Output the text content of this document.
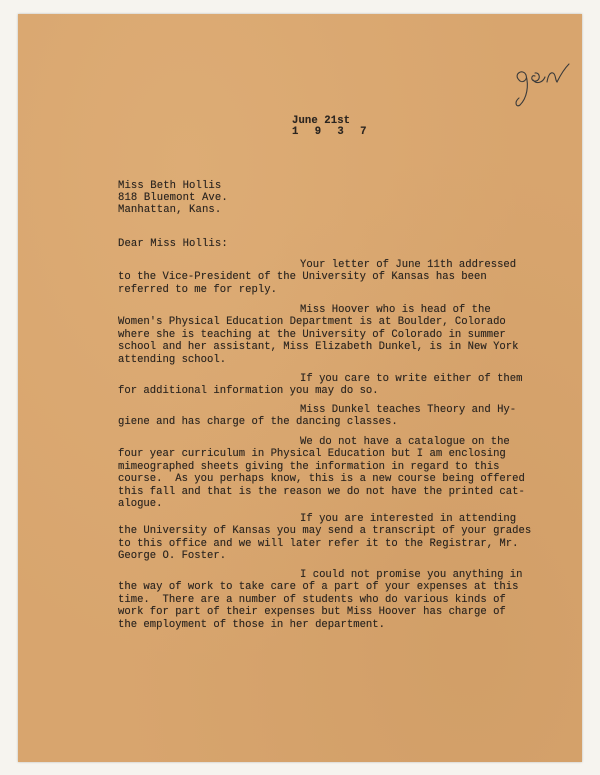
June 21st
1 9 3 7
Miss Beth Hollis
818 Bluemont Ave.
Manhattan, Kans.
Dear Miss Hollis:
Your letter of June 11th addressed
to the Vice-President of the University of Kansas has been
referred to me for reply.
Miss Hoover who is head of the
Women's Physical Education Department is at Boulder, Colorado
where she is teaching at the University of Colorado in summer
school and her assistant, Miss Elizabeth Dunkel, is in New York
attending school.
If you care to write either of them
for additional information you may do so.
Miss Dunkel teaches Theory and Hy-
giene and has charge of the dancing classes.
We do not have a catalogue on the
four year curriculum in Physical Education but I am enclosing
mimeographed sheets giving the information in regard to this
course.  As you perhaps know, this is a new course being offered
this fall and that is the reason we do not have the printed cat-
alogue.
If you are interested in attending
the University of Kansas you may send a transcript of your grades
to this office and we will later refer it to the Registrar, Mr.
George O. Foster.
I could not promise you anything in
the way of work to take care of a part of your expenses at this
time.  There are a number of students who do various kinds of
work for part of their expenses but Miss Hoover has charge of
the employment of those in her department.
